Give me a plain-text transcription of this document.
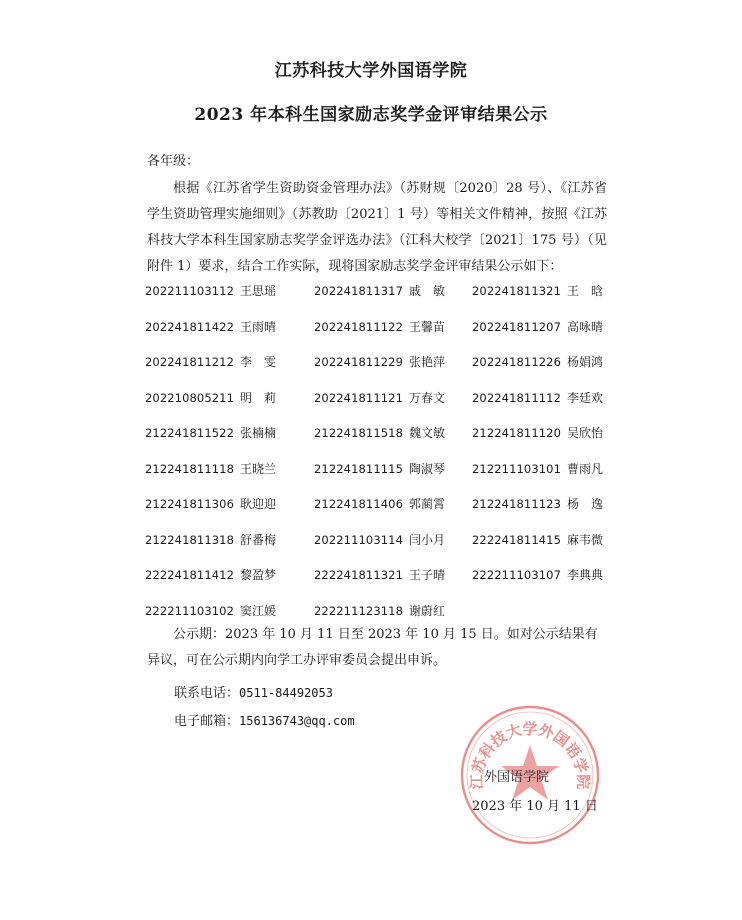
江苏科技大学外国语学院
2023 年本科生国家励志奖学金评审结果公示
各年级：
根据《江苏省学生资助资金管理办法》（苏财规〔2020〕28 号）、《江苏省学生资助管理实施细则》（苏教助〔2021〕1 号）等相关文件精神，按照《江苏科技大学本科生国家励志奖学金评选办法》（江科大校学〔2021〕175 号）（见附件 1）要求，结合工作实际，现将国家励志奖学金评审结果公示如下：
202211103112 王思瑶	202241811317 戚　敏 202241811321 王　晗
202241811422 王雨晴	202241811122 王馨苗 202241811207 高咏晴
202241811212 李　雯	202241811229 张艳萍 202241811226 杨娟鸿
202210805211 明　莉	202241811121 万春文 202241811112 李廷欢
212241811522 张楠楠	212241811518 魏文敏 212241811120 吴欣怡
212241811118 王晓兰	212241811115 陶淑琴 212211103101 曹雨凡
212241811306 耿迎迎	212241811406 郭蔺霄 212241811123 杨　逸
212241811318 舒番梅	202211103114 闫小月 222241811415 麻韦微
222241811412 黎盈梦	222241811321 王子晴 222211103107 李典典
222211103102 窦江媛	222211123118 谢蔚红
公示期：2023 年 10 月 11 日至 2023 年 10 月 15 日。如对公示结果有异议，可在公示期内向学工办评审委员会提出申诉。
联系电话：0511-84492053
电子邮箱：156136743@qq.com
江苏科技大学外国语学院
外国语学院
2023 年 10 月 11 日
